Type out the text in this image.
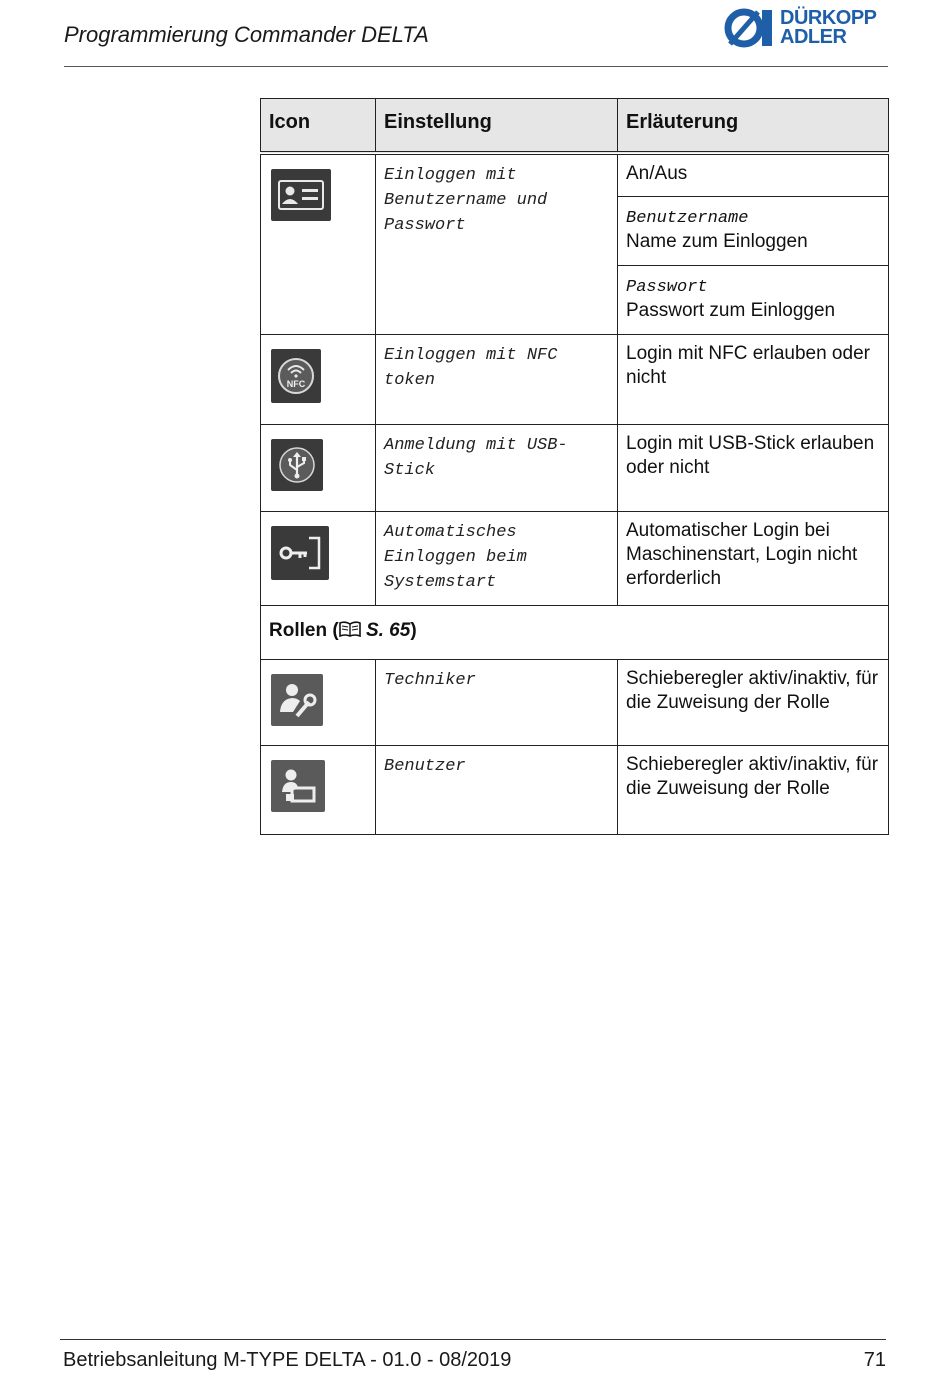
Programmierung Commander DELTA
DÜRKOPP
ADLER
Icon	Einstellung	Erläuterung

Einloggen mit Benutzername und Passwort	An/Aus

		Benutzername
Name zum Einloggen

		Passwort
Passwort zum Einloggen

NFC	Einloggen mit NFC token	Login mit NFC erlauben oder nicht

Anmeldung mit USB-Stick	Login mit USB-Stick erlauben oder nicht

Automatisches Einloggen beim Systemstart	Automatischer Login bei Maschinenstart, Login nicht erforderlich
Rollen ( S. 65)		

Techniker	Schieberegler aktiv/inaktiv, für die Zuweisung der Rolle

Benutzer	Schieberegler aktiv/inaktiv, für die Zuweisung der Rolle
Betriebsanleitung M-TYPE DELTA - 01.0 - 08/2019	71
